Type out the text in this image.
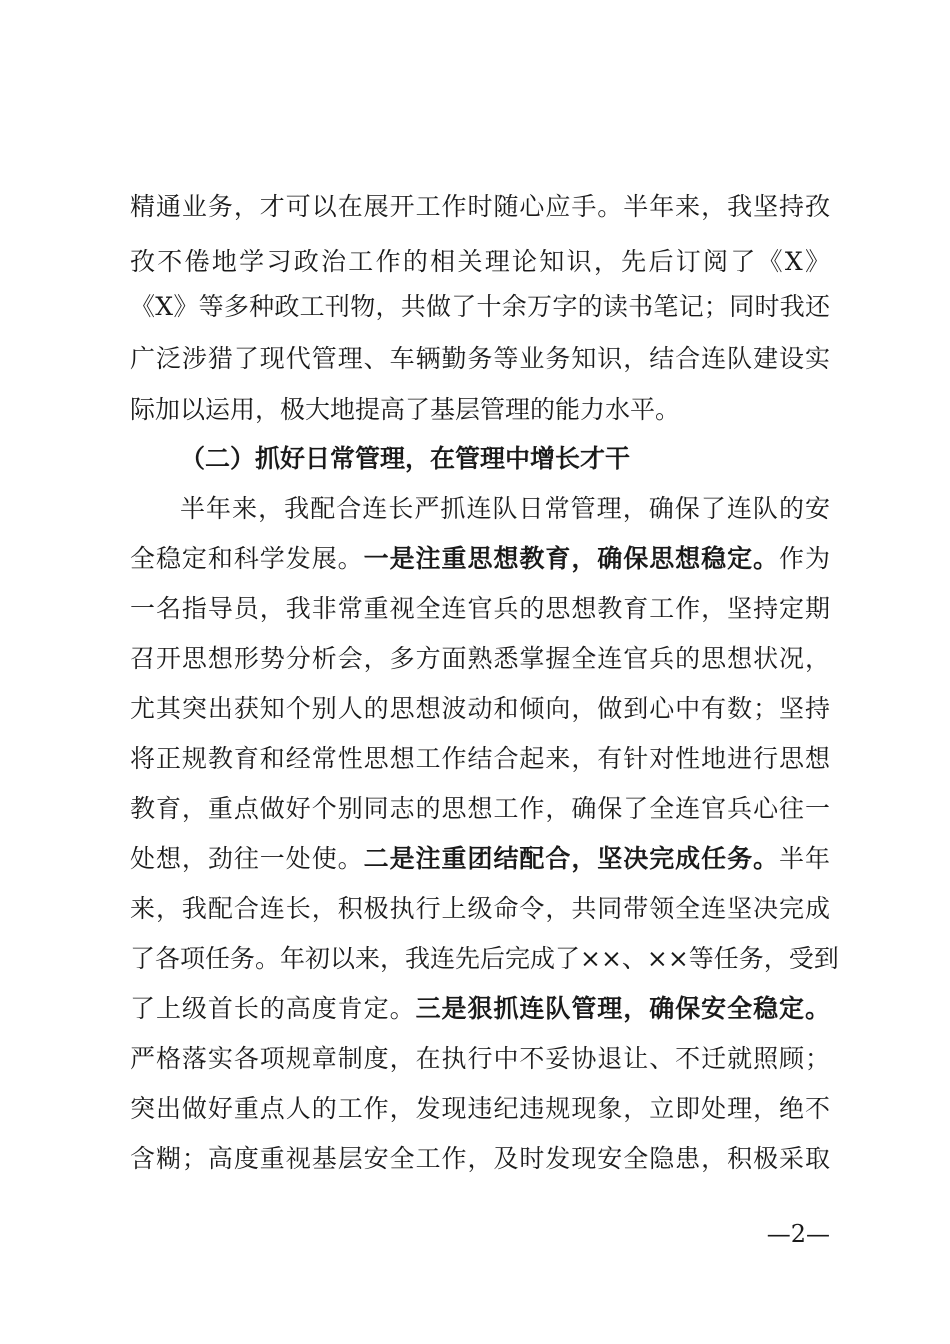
精通业务，才可以在展开工作时随心应手。半年来，我坚持孜
孜不倦地学习政治工作的相关理论知识，先后订阅了《X》
《X》等多种政工刊物，共做了十余万字的读书笔记；同时我还
广泛涉猎了现代管理、车辆勤务等业务知识，结合连队建设实
际加以运用，极大地提高了基层管理的能力水平。
（二）抓好日常管理，在管理中增长才干
半年来，我配合连长严抓连队日常管理，确保了连队的安
全稳定和科学发展。一是注重思想教育，确保思想稳定。作为
一名指导员，我非常重视全连官兵的思想教育工作，坚持定期
召开思想形势分析会，多方面熟悉掌握全连官兵的思想状况，
尤其突出获知个别人的思想波动和倾向，做到心中有数；坚持
将正规教育和经常性思想工作结合起来，有针对性地进行思想
教育，重点做好个别同志的思想工作，确保了全连官兵心往一
处想，劲往一处使。二是注重团结配合，坚决完成任务。半年
来，我配合连长，积极执行上级命令，共同带领全连坚决完成
了各项任务。年初以来，我连先后完成了××、××等任务，受到
了上级首长的高度肯定。三是狠抓连队管理，确保安全稳定。
严格落实各项规章制度，在执行中不妥协退让、不迁就照顾；
突出做好重点人的工作，发现违纪违规现象，立即处理，绝不
含糊；高度重视基层安全工作，及时发现安全隐患，积极采取
—2—
